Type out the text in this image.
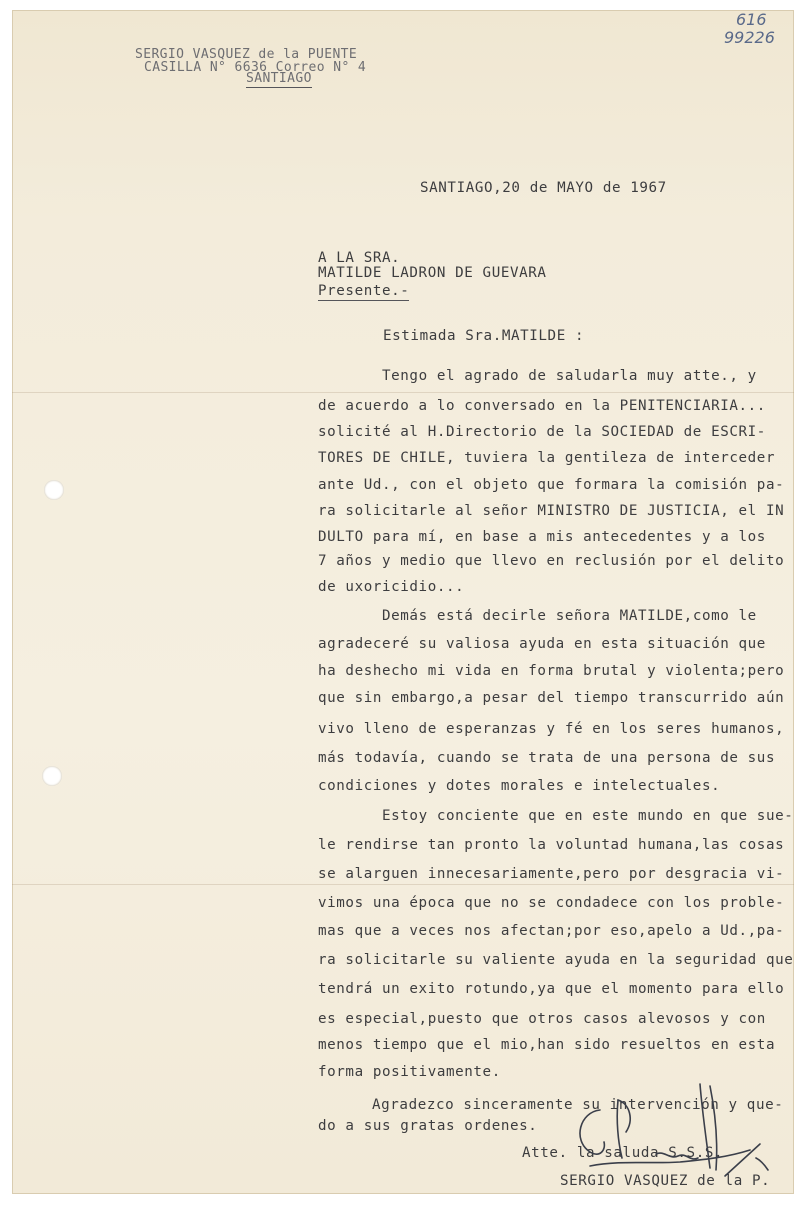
616
99226
SERGIO VASQUEZ de la PUENTE
CASILLA N° 6636 Correo N° 4
SANTIAGO
SANTIAGO,20 de MAYO de 1967
A LA SRA.
MATILDE LADRON DE GUEVARA
Presente.-
Estimada Sra.MATILDE :
Tengo el agrado de saludarla muy atte., y
de acuerdo a lo conversado en la PENITENCIARIA...
solicité al H.Directorio de la SOCIEDAD de ESCRI-
TORES DE CHILE, tuviera la gentileza de interceder
ante Ud., con el objeto que formara la comisión pa-
ra solicitarle al señor MINISTRO DE JUSTICIA, el IN
DULTO para mí, en base a mis antecedentes y a los
7 años y medio que llevo en reclusión por el delito
de uxoricidio...
Demás está decirle señora MATILDE,como le
agradeceré su valiosa ayuda en esta situación que
ha deshecho mi vida en forma brutal y violenta;pero
que sin embargo,a pesar del tiempo transcurrido aún
vivo lleno de esperanzas y fé en los seres humanos,
más todavía, cuando se trata de una persona de sus
condiciones y dotes morales e intelectuales.
Estoy conciente que en este mundo en que sue-
le rendirse tan pronto la voluntad humana,las cosas
se alarguen innecesariamente,pero por desgracia vi-
vimos una época que no se condadece con los proble-
mas que a veces nos afectan;por eso,apelo a Ud.,pa-
ra solicitarle su valiente ayuda en la seguridad que
tendrá un exito rotundo,ya que el momento para ello
es especial,puesto que otros casos alevosos y con
menos tiempo que el mio,han sido resueltos en esta
forma positivamente.
Agradezco sinceramente su intervención y que-
do a sus gratas ordenes.
Atte. la saluda S.S.S.
SERGIO VASQUEZ de la P.
